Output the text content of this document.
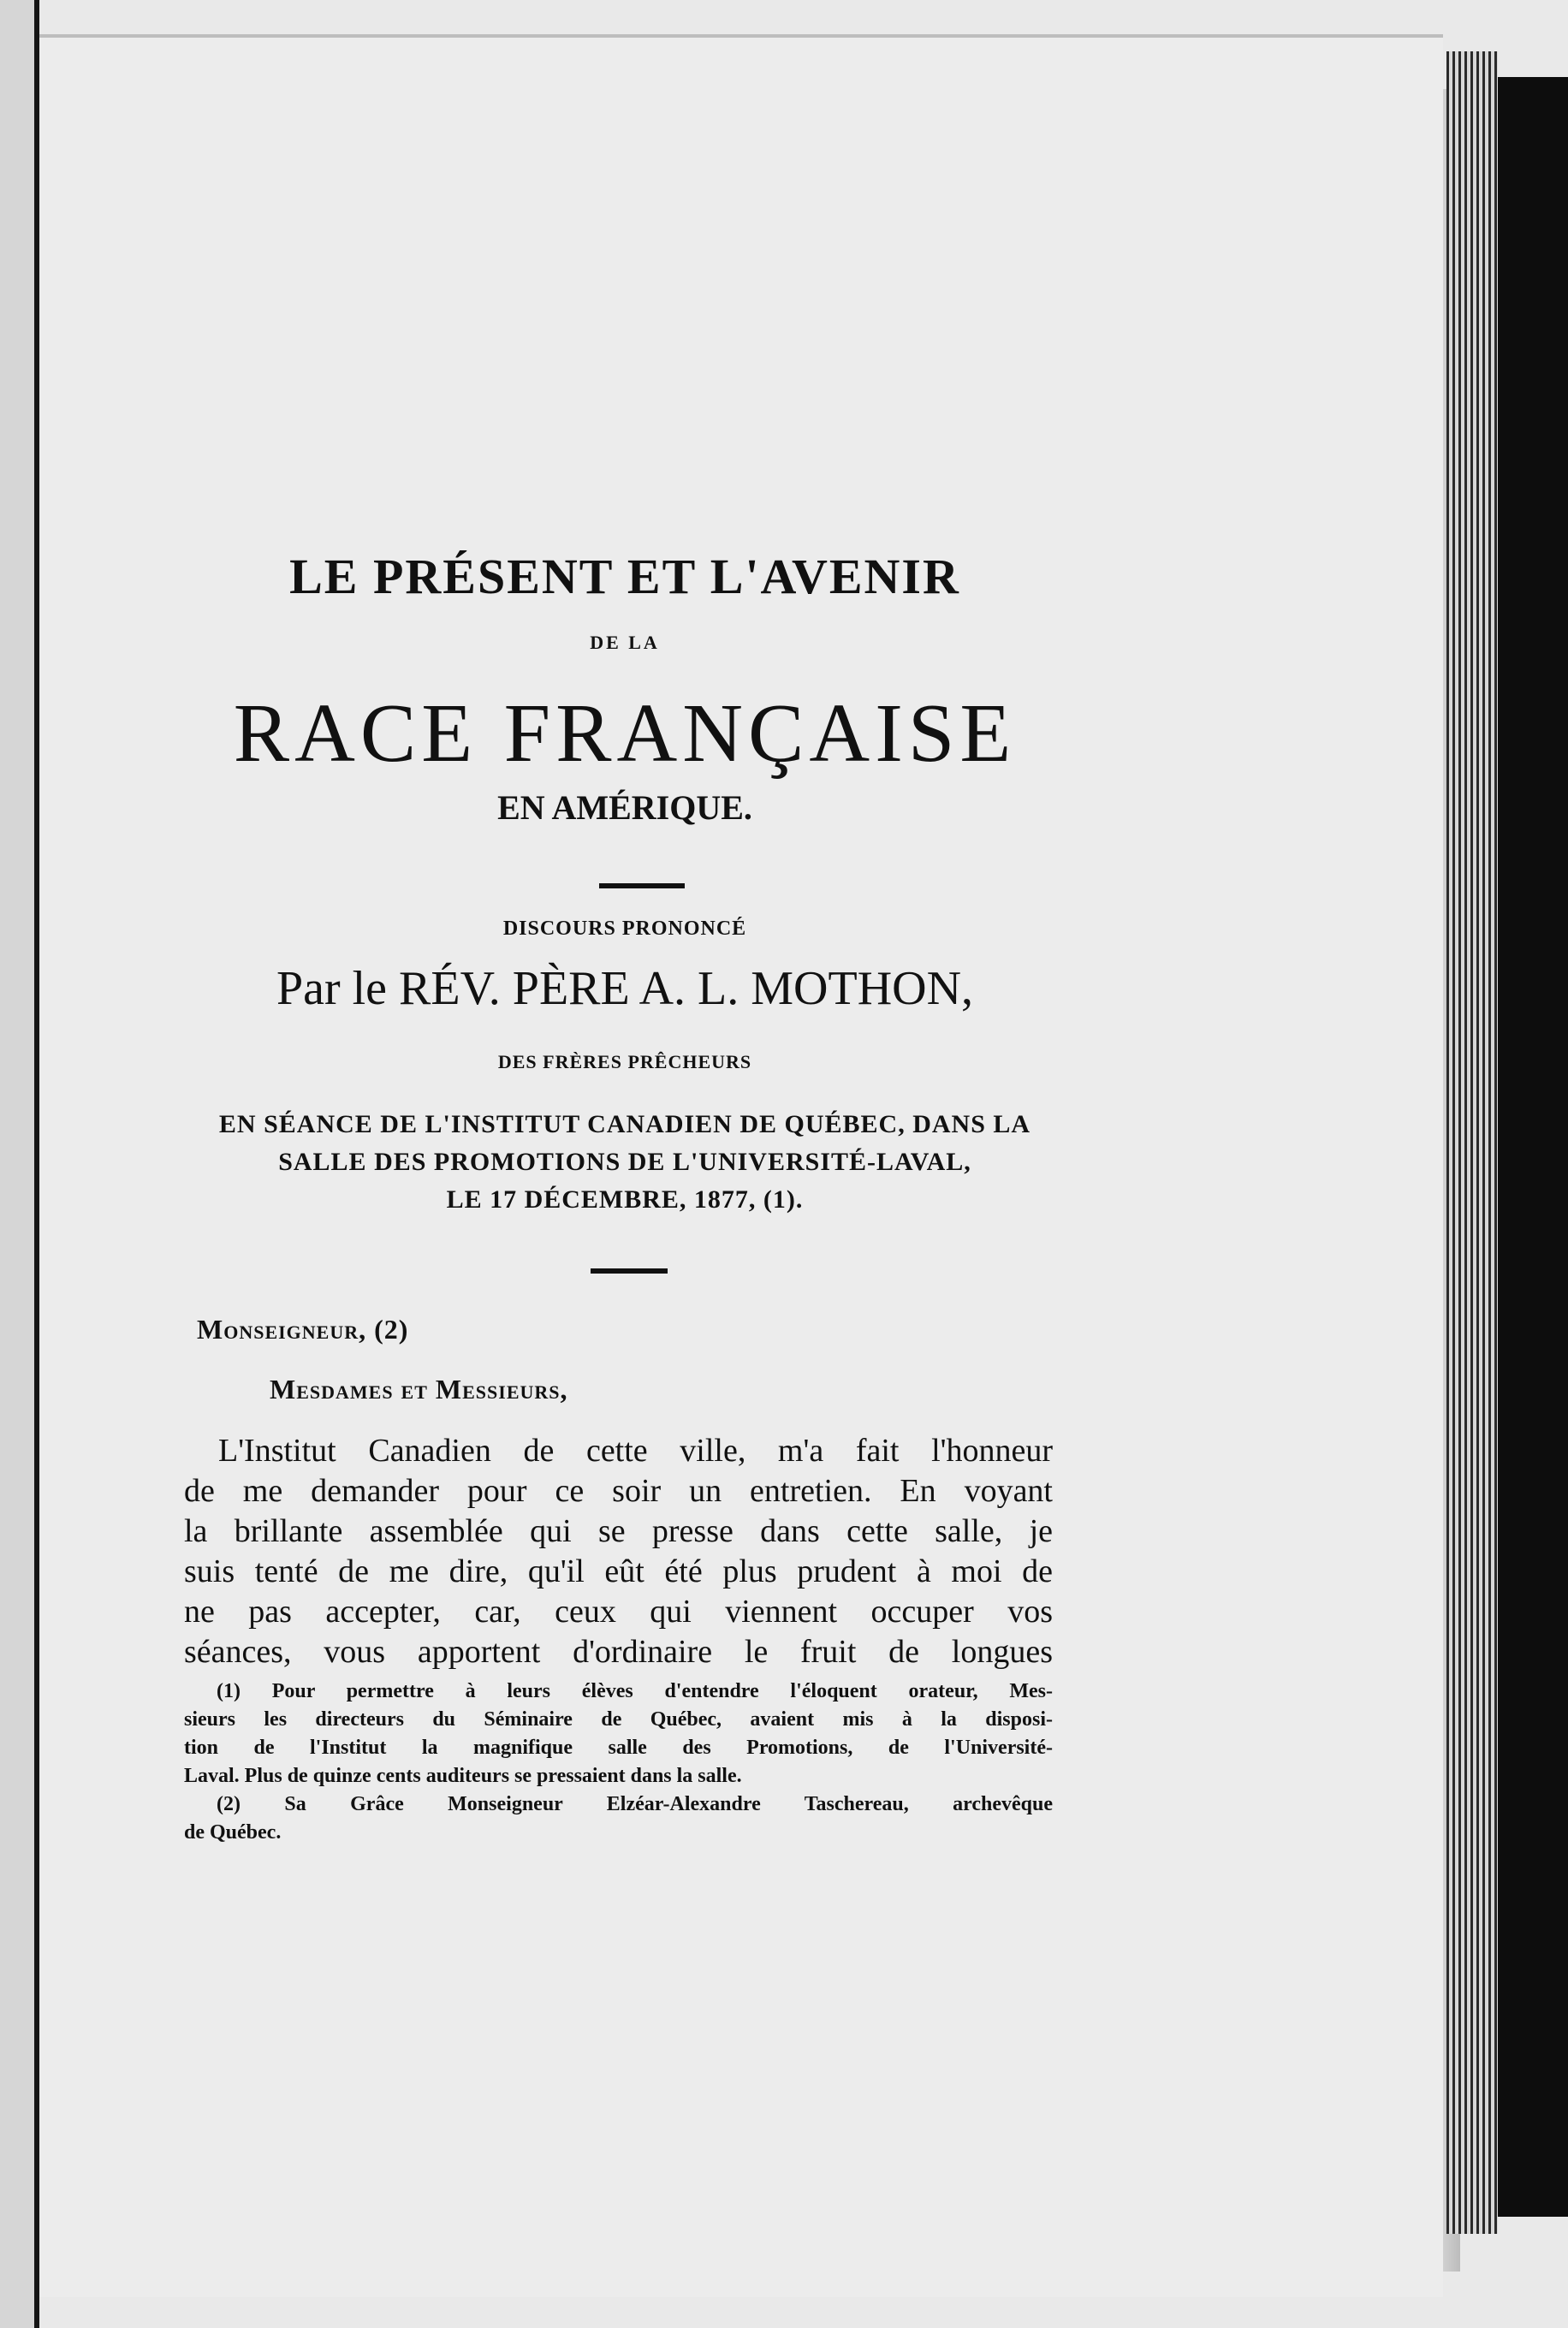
LE PRÉSENT ET L'AVENIR
DE LA
RACE FRANÇAISE
EN AMÉRIQUE.
DISCOURS PRONONCÉ
Par le RÉV. PÈRE A. L. MOTHON,
DES FRÈRES PRÊCHEURS
EN SÉANCE DE L'INSTITUT CANADIEN DE QUÉBEC, DANS LA
SALLE DES PROMOTIONS DE L'UNIVERSITÉ-LAVAL,
LE 17 DÉCEMBRE, 1877, (1).
Monseigneur, (2)
Mesdames et Messieurs,
L'Institut Canadien de cette ville, m'a fait l'honneur
de me demander pour ce soir un entretien. En voyant
la brillante assemblée qui se presse dans cette salle, je
suis tenté de me dire, qu'il eût été plus prudent à moi de
ne pas accepter, car, ceux qui viennent occuper vos
séances, vous apportent d'ordinaire le fruit de longues
(1) Pour permettre à leurs élèves d'entendre l'éloquent orateur, Mes-
sieurs les directeurs du Séminaire de Québec, avaient mis à la disposi-
tion de l'Institut la magnifique salle des Promotions, de l'Université-
Laval. Plus de quinze cents auditeurs se pressaient dans la salle.
(2) Sa Grâce Monseigneur Elzéar-Alexandre Taschereau, archevêque
de Québec.
